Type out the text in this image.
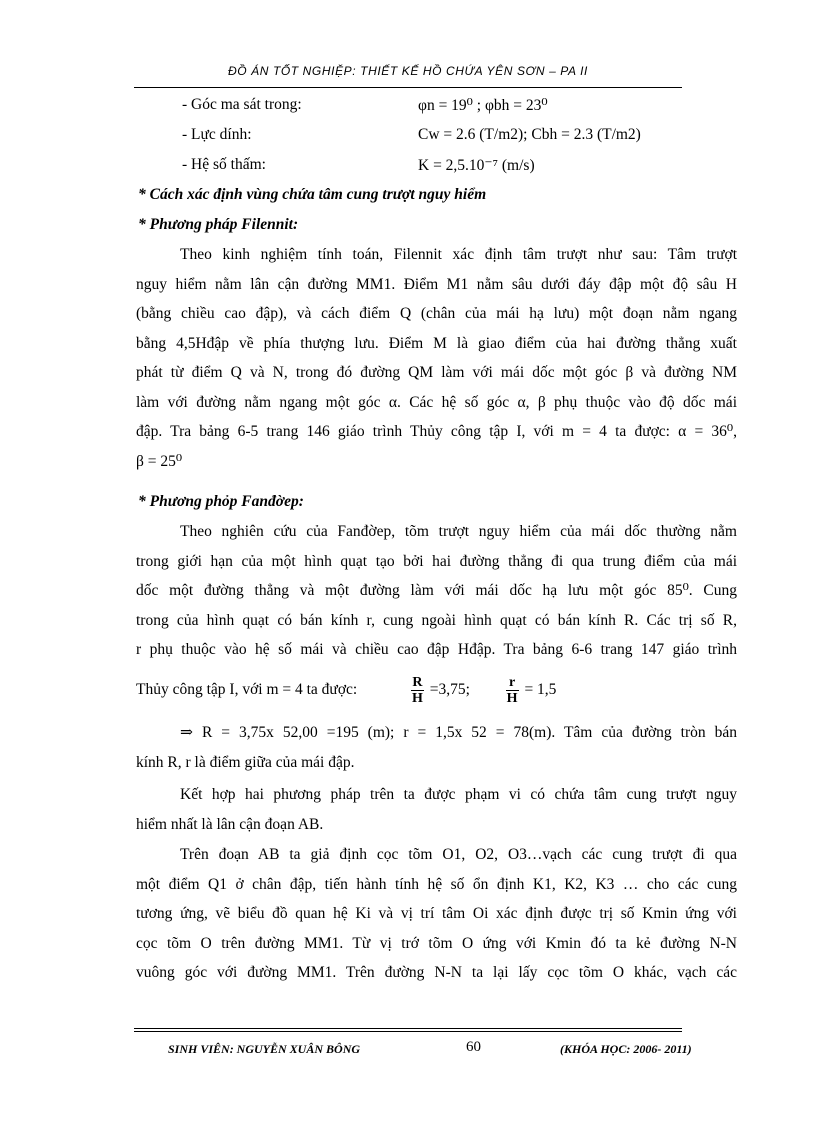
ĐỒ ÁN TỐT NGHIỆP: THIẾT KẾ HỒ CHỨA YÊN SƠN – PA II
- Góc ma sát trong:	φn = 19⁰ ; φbh = 23⁰
- Lực dính:	Cw = 2.6 (T/m2); Cbh = 2.3 (T/m2)
- Hệ số thấm:	K = 2,5.10⁻⁷ (m/s)
* Cách xác định vùng chứa tâm cung trượt nguy hiểm
* Phương pháp Filennit:
Theo kinh nghiệm tính toán, Filennit xác định tâm trượt như sau: Tâm trượt
nguy hiểm nằm lân cận đường MM1. Điểm M1 nằm sâu dưới đáy đập một độ sâu H
(bằng chiều cao đập), và cách điểm Q (chân của mái hạ lưu) một đoạn nằm ngang
bằng 4,5Hđập về phía thượng lưu. Điểm M là giao điểm của hai đường thẳng xuất
phát từ điểm Q và N, trong đó đường QM làm với mái dốc một góc β và đường NM
làm với đường nằm ngang một góc α. Các hệ số góc α, β phụ thuộc vào độ dốc mái
đập. Tra bảng 6-5 trang 146 giáo trình Thủy công tập I, với m = 4 ta được: α = 36⁰,
β = 25⁰
* Phương phỏp Fanđờep:
Theo nghiên cứu của Fanđờep, tõm trượt nguy hiểm của mái dốc thường nằm
trong giới hạn của một hình quạt tạo bởi hai đường thẳng đi qua trung điểm của mái
dốc một đường thẳng và một đường làm với mái dốc hạ lưu một góc 85⁰. Cung
trong của hình quạt có bán kính r, cung ngoài hình quạt có bán kính R. Các trị số R,
r phụ thuộc vào hệ số mái và chiều cao đập Hđập. Tra bảng 6-6 trang 147 giáo trình
Thủy công tập I, với m = 4 ta được:	$\frac{R}{H} =3,75$;	$\frac{r}{H} = 1,5$
⇒ R = 3,75x 52,00 =195 (m); r = 1,5x 52 = 78(m). Tâm của đường tròn bán
kính R, r là điểm giữa của mái đập.
Kết hợp hai phương pháp trên ta được phạm vi có chứa tâm cung trượt nguy
hiểm nhất là lân cận đoạn AB.
Trên đoạn AB ta giả định cọc tõm O1, O2, O3…vạch các cung trượt đi qua
một điểm Q1 ở chân đập, tiến hành tính hệ số ổn định K1, K2, K3 … cho các cung
tương ứng, vẽ biểu đồ quan hệ Ki và vị trí tâm Oi xác định được trị số Kmin ứng với
cọc tõm O trên đường MM1. Từ vị trớ tõm O ứng với Kmin đó ta kẻ đường N-N
vuông góc với đường MM1. Trên đường N-N ta lại lấy cọc tõm O khác, vạch các
SINH VIÊN: NGUYỄN XUÂN BÔNG	60	(KHÓA HỌC: 2006- 2011)
